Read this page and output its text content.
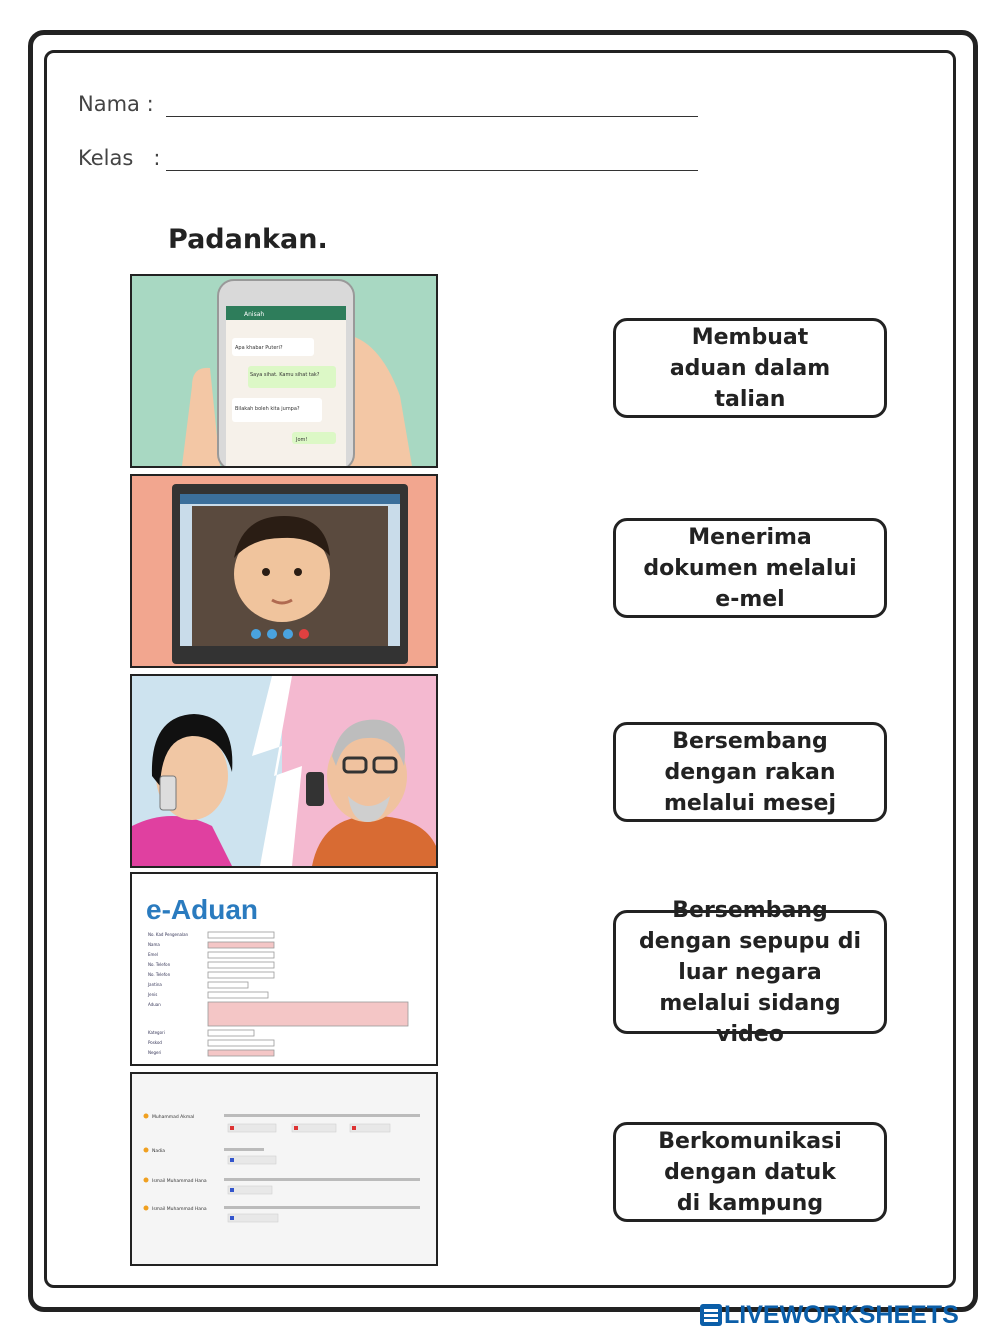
Nama :
Kelas   :
Padankan.
Anisah
Apa khabar Puteri?
Saya sihat. Kamu sihat tak?
Bilakah boleh kita jumpa?
Jom!
e-Aduan
No. Kad Pengenalan
Nama
Emel
No. Telefon
No. Telefon
Jantina
Jenis
Aduan
Kategori
Poskod
Negeri
Muhammad Akmal
Nadia
Ismail Muhammad Hana
Ismail Muhammad Hana
Membuat aduan dalam talian
Menerima dokumen melalui e-mel
Bersembang dengan rakan melalui mesej
Bersembang dengan sepupu di luar negara melalui sidang video
Berkomunikasi dengan datuk di kampung
LIVEWORKSHEETS
